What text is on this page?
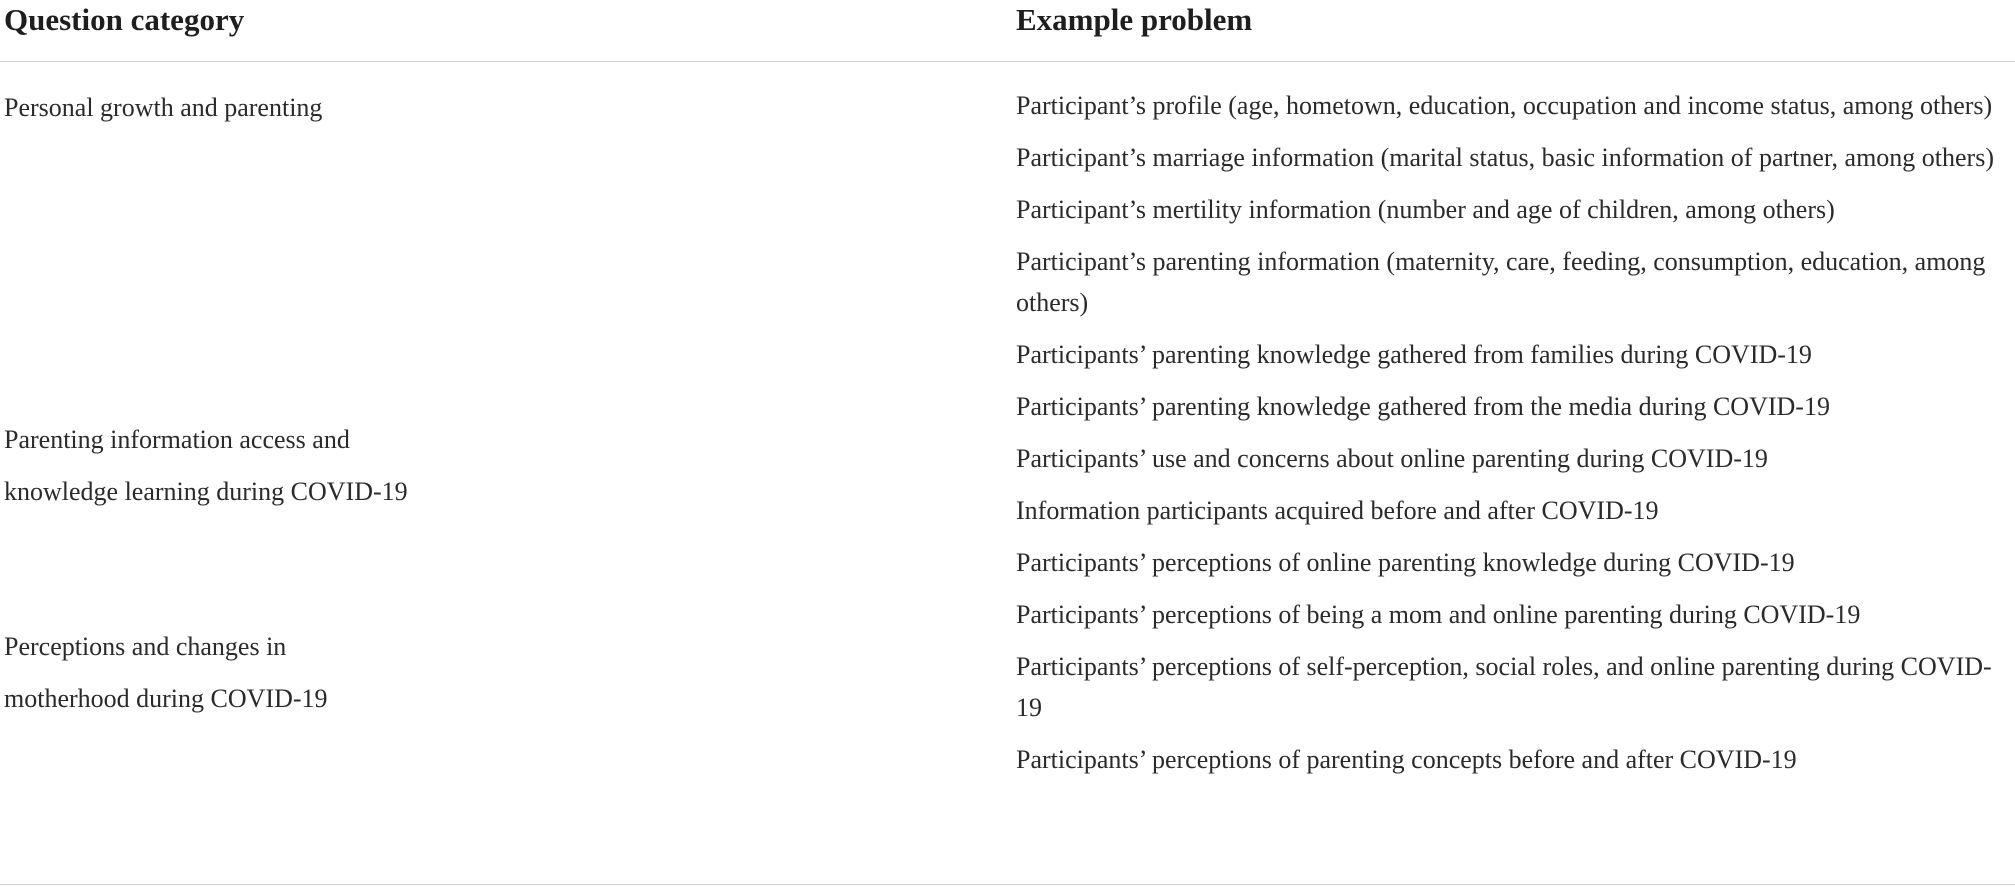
Question category	Example problem
Personal growth and parenting
Parenting information access and
knowledge learning during COVID-19
Perceptions and changes in
motherhood during COVID-19
Participant’s profile (age, hometown, education, occupation and income status, among others)
Participant’s marriage information (marital status, basic information of partner, among others)
Participant’s mertility information (number and age of children, among others)
Participant’s parenting information (maternity, care, feeding, consumption, education, among others)
Participants’ parenting knowledge gathered from families during COVID-19
Participants’ parenting knowledge gathered from the media during COVID-19
Participants’ use and concerns about online parenting during COVID-19
Information participants acquired before and after COVID-19
Participants’ perceptions of online parenting knowledge during COVID-19
Participants’ perceptions of being a mom and online parenting during COVID-19
Participants’ perceptions of self-perception, social roles, and online parenting during COVID-19
Participants’ perceptions of parenting concepts before and after COVID-19
